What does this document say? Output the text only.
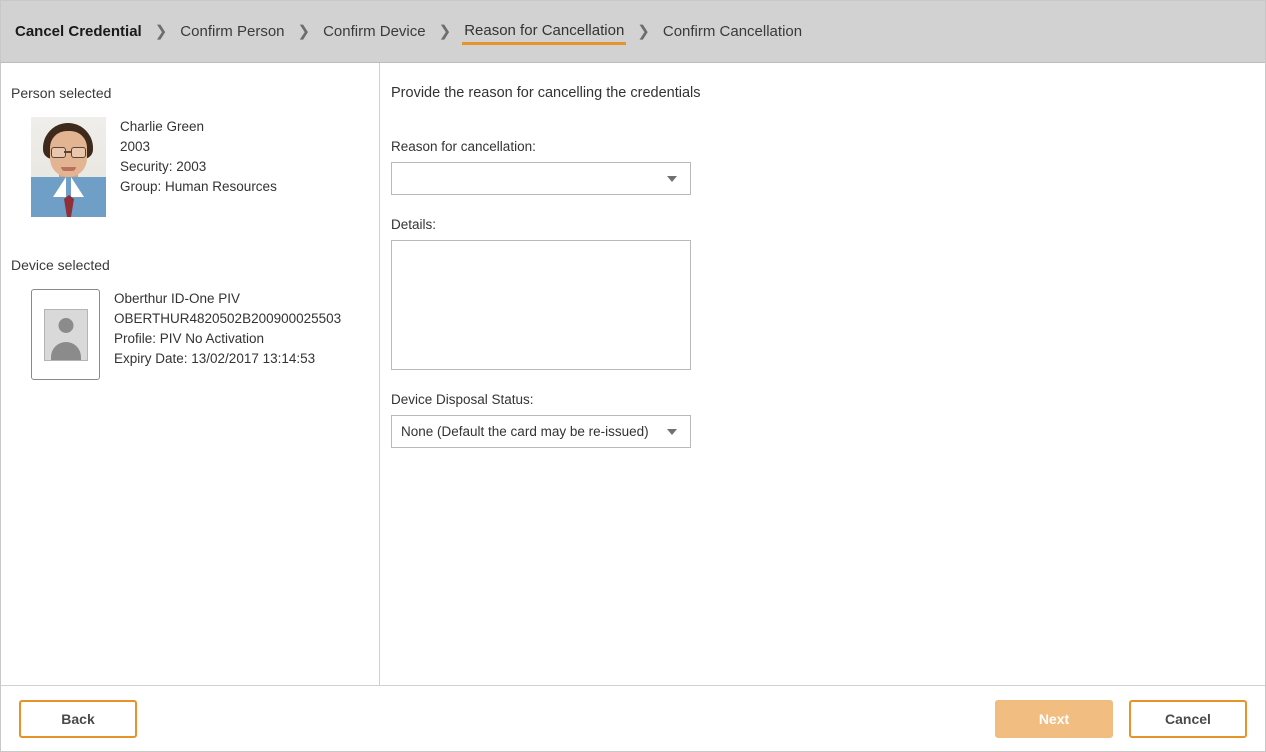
Cancel Credential ❯ Confirm Person ❯ Confirm Device ❯ Reason for Cancellation ❯ Confirm Cancellation
Person selected
Charlie Green
2003
Security: 2003
Group: Human Resources
Device selected
Oberthur ID-One PIV
OBERTHUR4820502B200900025503
Profile: PIV No Activation
Expiry Date: 13/02/2017 13:14:53
Provide the reason for cancelling the credentials
Reason for cancellation:
Details:
Device Disposal Status:
None (Default the card may be re-issued)
Back	Next	Cancel
